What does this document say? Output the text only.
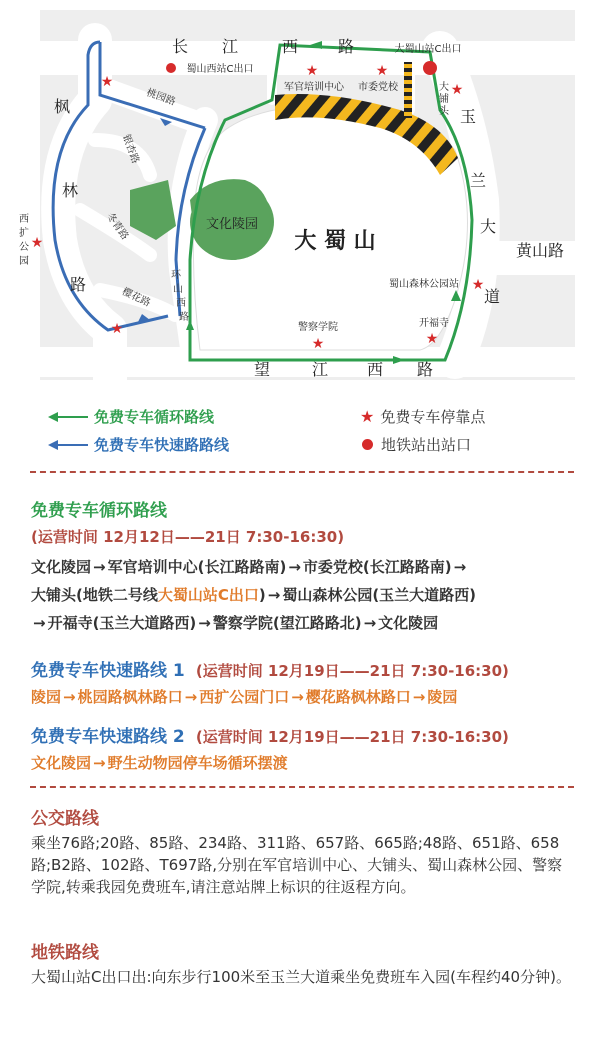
★
★	★
★
★
★
★
★
★
长 江	西 路
望	江 西 路
玉
兰
大
道
枫
林
路
黄山路
桃园路
银杏路
冬青路
樱花路
环
山
西
路
大 蜀 山
文化陵园
蜀山西站C出口
大蜀山站C出口
军官培训中心 市委党校	大
铺
头
西
扩
公
园
蜀山森林公园站
警察学院	开福寺
免费专车循环路线
免费专车快速路路线
★ 免费专车停靠点
地铁站出站口
免费专车循环路线
(运营时间 12月12日——21日 7:30-16:30)
文化陵园 → 军官培训中心(长江路路南) → 市委党校(长江路路南) →
大铺头(地铁二号线大蜀山站C出口) → 蜀山森林公园(玉兰大道路西)
→ 开福寺(玉兰大道路西) → 警察学院(望江路路北) → 文化陵园
免费专车快速路线 1 (运营时间 12月19日——21日 7:30-16:30)
陵园 → 桃园路枫林路口 → 西扩公园门口 → 樱花路枫林路口 → 陵园
免费专车快速路线 2 (运营时间 12月19日——21日 7:30-16:30)
文化陵园 → 野生动物园停车场循环摆渡
公交路线
乘坐76路;20路、85路、234路、311路、657路、665路;48路、651路、658路;B2路、102路、T697路,分别在军官培训中心、大铺头、蜀山森林公园、警察学院,转乘我园免费班车,请注意站牌上标识的往返程方向。
地铁路线
大蜀山站C出口出:向东步行100米至玉兰大道乘坐免费班车入园(车程约40分钟)。
